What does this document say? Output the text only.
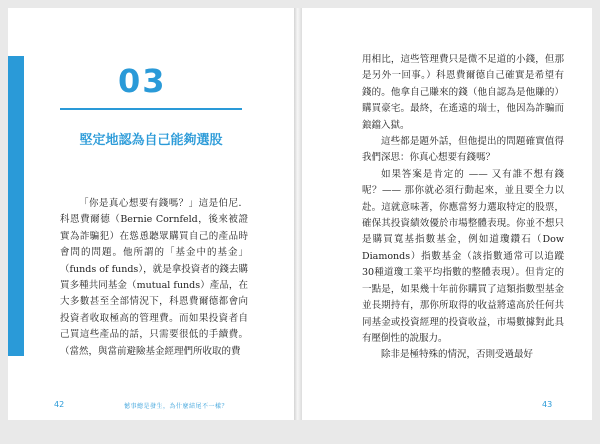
03
堅定地認為自己能夠選股

「你是真心想要有錢嗎？」這是伯尼．科恩費爾德（Bernie Cornfeld，後來被證實為詐騙犯）在慫恿聽眾購買自己的產品時會問的問題。他所謂的「基金中的基金」（funds of funds），就是拿投資者的錢去購買多種共同基金（mutual funds）產品，在大多數甚至全部情況下，科恩費爾德都會向投資者收取極高的管理費。而如果投資者自己買這些產品的話，只需要很低的手續費。（當然，與當前避險基金經理們所收取的費

42	憾事總是發生，為什麼結尾不一樣？

用相比，這些管理費只是微不足道的小錢，但那是另外一回事。）科恩費爾德自己確實是希望有錢的。他拿自己賺來的錢（他自認為是他賺的）購買豪宅。最終，在遙遠的瑞士，他因為詐騙而鋃鐺入獄。

這些都是題外話，但他提出的問題確實值得我們深思：你真心想要有錢嗎？

如果答案是肯定的 —— 又有誰不想有錢呢？—— 那你就必須行動起來，並且要全力以赴。這就意味著，你應當努力選取特定的股票，確保其投資績效優於市場整體表現。你並不想只是購買寬基指數基金，例如道瓊鑽石（Dow Diamonds）指數基金（該指數通常可以追蹤30種道瓊工業平均指數的整體表現）。但肯定的一點是，如果幾十年前你購買了這類指數型基金並長期持有，那你所取得的收益將遠高於任何共同基金或投資經理的投資收益，市場數據對此具有壓倒性的說服力。

除非是極特殊的情況，否則受過最好

43
